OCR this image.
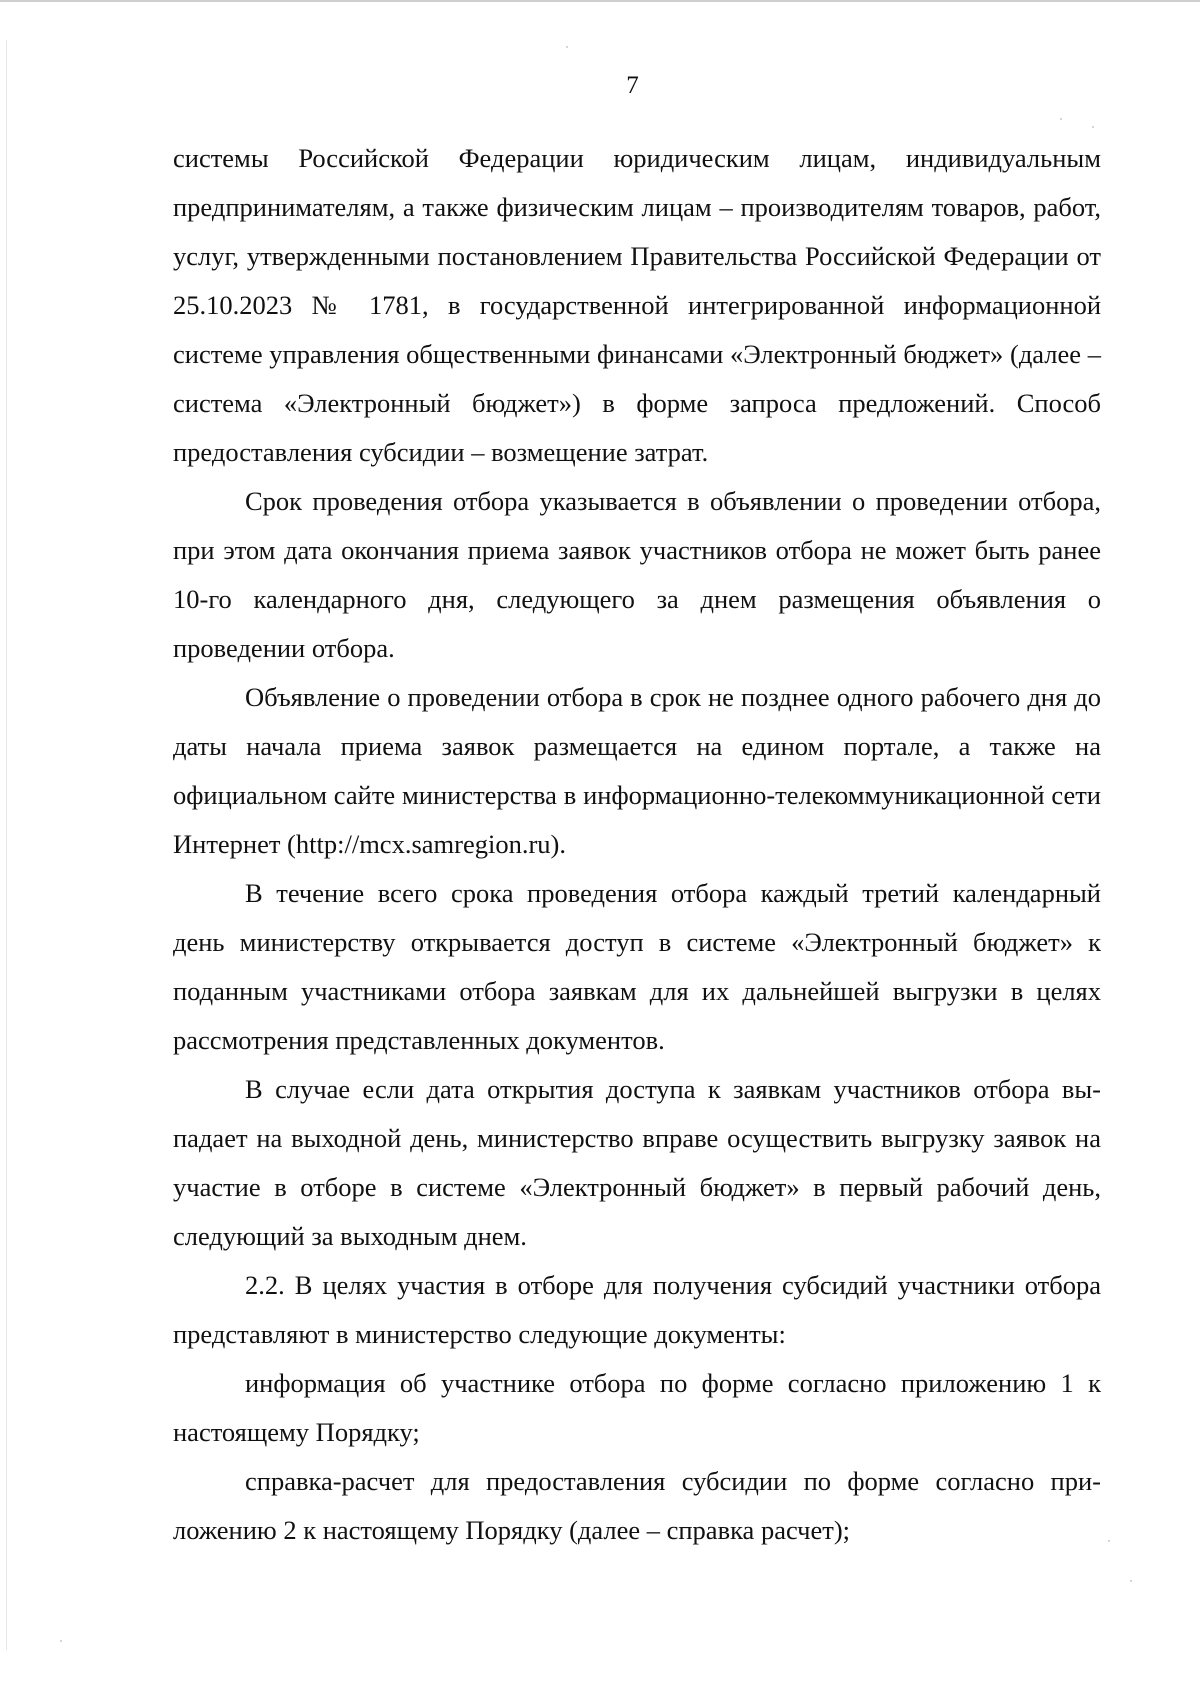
7

системы Российской Федерации юридическим лицам, индивидуальным предпринимателям, а также физическим лицам – производителям товаров, работ, услуг, утвержденными постановлением Правительства Российской Федерации от 25.10.2023 № 1781, в государственной интегрированной информационной системе управления общественными финансами «Электронный бюджет» (далее – система «Электронный бюджет») в форме запроса предложений. Способ предоставления субсидии – возмещение затрат.

Срок проведения отбора указывается в объявлении о проведении отбора, при этом дата окончания приема заявок участников отбора не может быть ранее 10-го календарного дня, следующего за днем размещения объявления о проведении отбора.

Объявление о проведении отбора в срок не позднее одного рабочего дня до даты начала приема заявок размещается на едином портале, а также на официальном сайте министерства в информационно-телекоммуникационной сети Интернет (http://mcx.samregion.ru).

В течение всего срока проведения отбора каждый третий календарный день министерству открывается доступ в системе «Электронный бюджет» к поданным участниками отбора заявкам для их дальнейшей выгрузки в целях рассмотрения представленных документов.

В случае если дата открытия доступа к заявкам участников отбора выпадает на выходной день, министерство вправе осуществить выгрузку заявок на участие в отборе в системе «Электронный бюджет» в первый рабочий день, следующий за выходным днем.

2.2. В целях участия в отборе для получения субсидий участники отбора представляют в министерство следующие документы:

информация об участнике отбора по форме согласно приложению 1 к настоящему Порядку;

справка-расчет для предоставления субсидии по форме согласно приложению 2 к настоящему Порядку (далее – справка расчет);
